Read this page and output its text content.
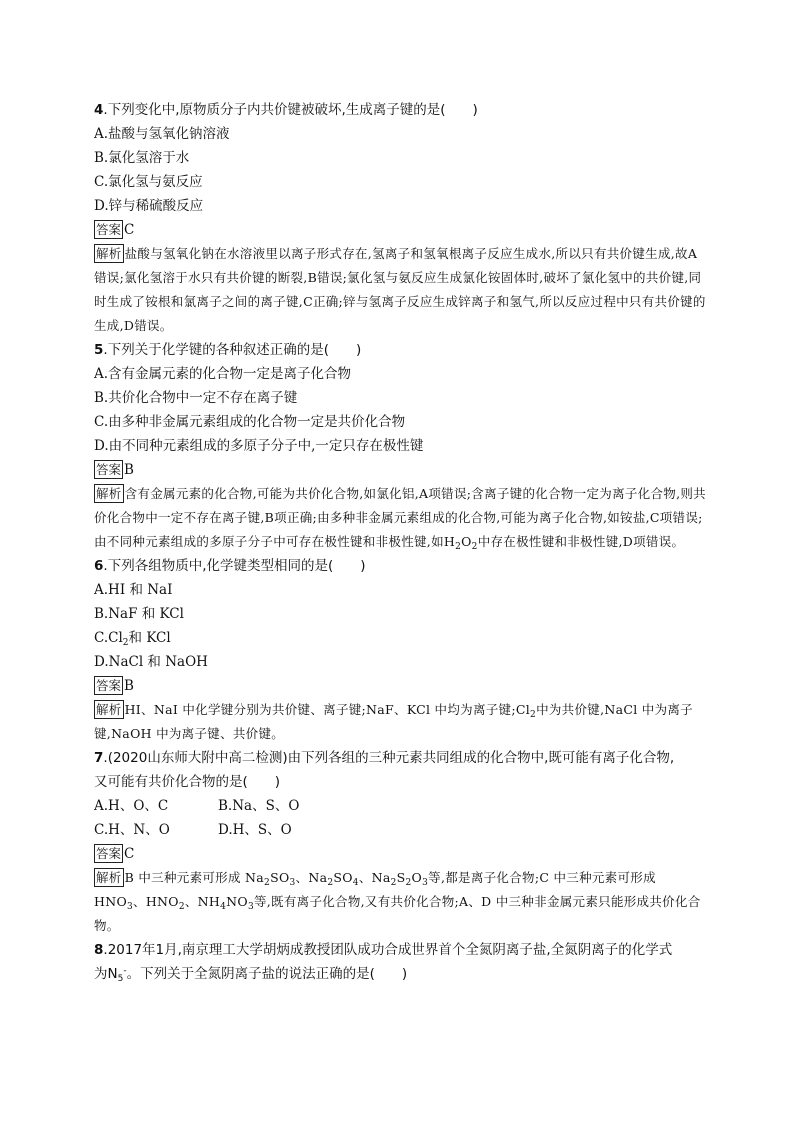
4.下列变化中,原物质分子内共价键被破坏,生成离子键的是(　　)
A.盐酸与氢氧化钠溶液
B.氯化氢溶于水
C.氯化氢与氨反应
D.锌与稀硫酸反应
答案 C
解析 盐酸与氢氧化钠在水溶液里以离子形式存在,氢离子和氢氧根离子反应生成水,所以只有共价键生成,故A错误;氯化氢溶于水只有共价键的断裂,B错误;氯化氢与氨反应生成氯化铵固体时,破坏了氯化氢中的共价键,同时生成了铵根和氯离子之间的离子键,C正确;锌与氢离子反应生成锌离子和氢气,所以反应过程中只有共价键的生成,D错误。
5.下列关于化学键的各种叙述正确的是(　　)
A.含有金属元素的化合物一定是离子化合物
B.共价化合物中一定不存在离子键
C.由多种非金属元素组成的化合物一定是共价化合物
D.由不同种元素组成的多原子分子中,一定只存在极性键
答案 B
解析 含有金属元素的化合物,可能为共价化合物,如氯化铝,A项错误;含离子键的化合物一定为离子化合物,则共价化合物中一定不存在离子键,B项正确;由多种非金属元素组成的化合物,可能为离子化合物,如铵盐,C项错误;由不同种元素组成的多原子分子中可存在极性键和非极性键,如$H_2O_2$中存在极性键和非极性键,D项错误。
6.下列各组物质中,化学键类型相同的是(　　)
A.HI 和 NaI
B.NaF 和 KCl
$C.Cl_2$和 KCl
D.NaCl 和 NaOH
答案 B
解析 HI、NaI 中化学键分别为共价键、离子键;NaF、KCl 中均为离子键$;Cl_2$中为共价键,NaCl 中为离子键,NaOH 中为离子键、共价键。
7.(2020山东师大附中高二检测)由下列各组的三种元素共同组成的化合物中,既可能有离子化合物,
又可能有共价化合物的是(　　)
A.H、O、C	B.Na、S、O
C.H、N、O	D.H、S、O
答案 C
解析 B 中三种元素可形成 $Na_2SO_3$、$Na_2SO_4$、$Na_2S_2O_3$等,都是离子化合物;C 中三种元素可形成 $HNO_3$、$HNO_2$、$NH_4NO_3$等,既有离子化合物,又有共价化合物;A、D 中三种非金属元素只能形成共价化合物。
8.2017年1月,南京理工大学胡炳成教授团队成功合成世界首个全氮阴离子盐,全氮阴离子的化学式
为$N_5^-$。下列关于全氮阴离子盐的说法正确的是(　　)
